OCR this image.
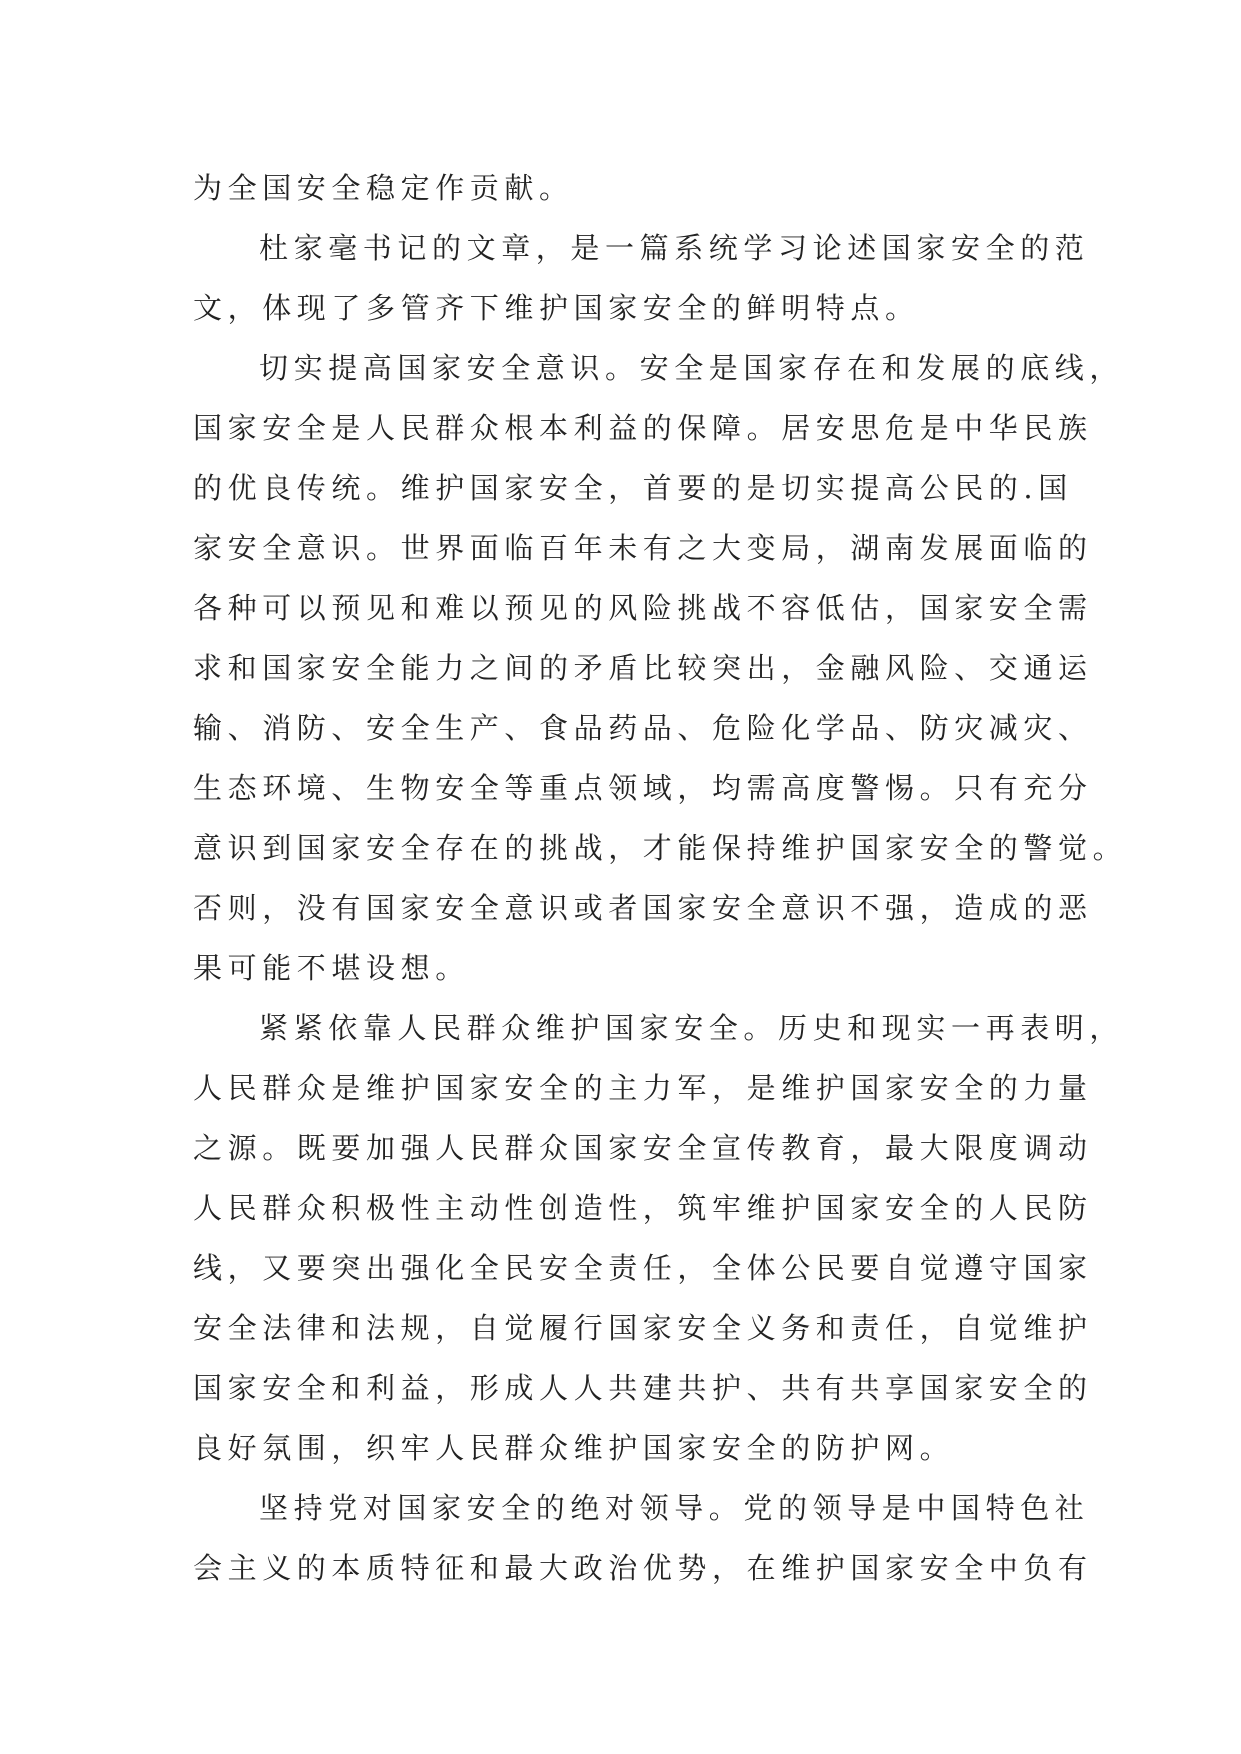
为全国安全稳定作贡献。
杜家毫书记的文章，是一篇系统学习论述国家安全的范
文，体现了多管齐下维护国家安全的鲜明特点。
切实提高国家安全意识。安全是国家存在和发展的底线，
国家安全是人民群众根本利益的保障。居安思危是中华民族
的优良传统。维护国家安全，首要的是切实提高公民的.国
家安全意识。世界面临百年未有之大变局，湖南发展面临的
各种可以预见和难以预见的风险挑战不容低估，国家安全需
求和国家安全能力之间的矛盾比较突出，金融风险、交通运
输、消防、安全生产、食品药品、危险化学品、防灾减灾、
生态环境、生物安全等重点领域，均需高度警惕。只有充分
意识到国家安全存在的挑战，才能保持维护国家安全的警觉。
否则，没有国家安全意识或者国家安全意识不强，造成的恶
果可能不堪设想。
紧紧依靠人民群众维护国家安全。历史和现实一再表明，
人民群众是维护国家安全的主力军，是维护国家安全的力量
之源。既要加强人民群众国家安全宣传教育，最大限度调动
人民群众积极性主动性创造性，筑牢维护国家安全的人民防
线，又要突出强化全民安全责任，全体公民要自觉遵守国家
安全法律和法规，自觉履行国家安全义务和责任，自觉维护
国家安全和利益，形成人人共建共护、共有共享国家安全的
良好氛围，织牢人民群众维护国家安全的防护网。
坚持党对国家安全的绝对领导。党的领导是中国特色社
会主义的本质特征和最大政治优势，在维护国家安全中负有
